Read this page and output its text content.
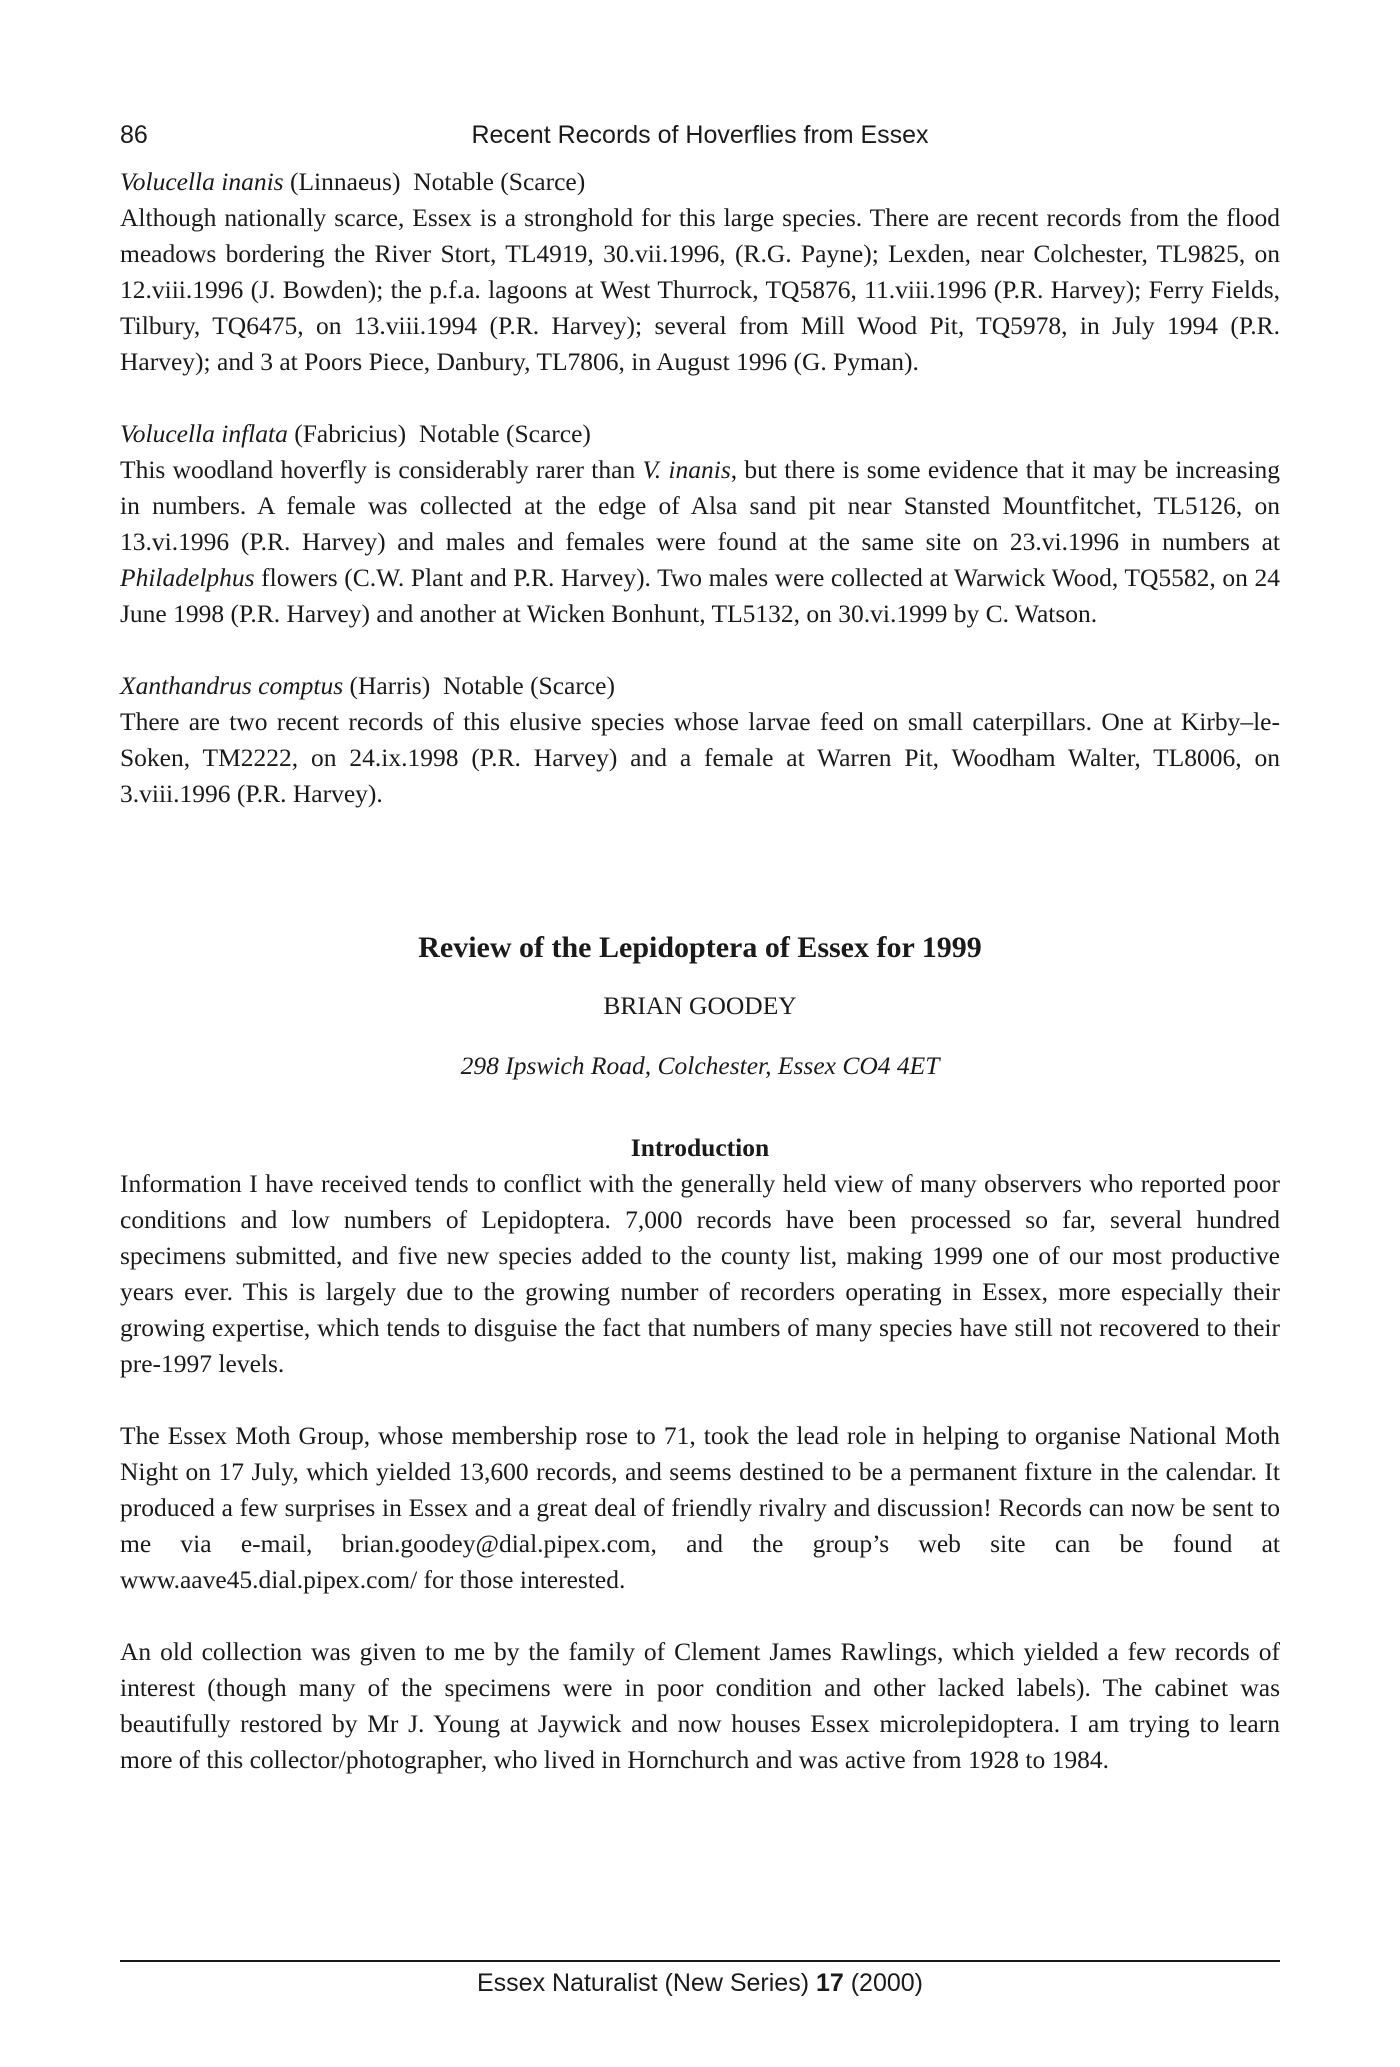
86	Recent Records of Hoverflies from Essex

Volucella inanis (Linnaeus) Notable (Scarce)

Although nationally scarce, Essex is a stronghold for this large species. There are recent records from the flood meadows bordering the River Stort, TL4919, 30.vii.1996, (R.G. Payne); Lexden, near Colchester, TL9825, on 12.viii.1996 (J. Bowden); the p.f.a. lagoons at West Thurrock, TQ5876, 11.viii.1996 (P.R. Harvey); Ferry Fields, Tilbury, TQ6475, on 13.viii.1994 (P.R. Harvey); several from Mill Wood Pit, TQ5978, in July 1994 (P.R. Harvey); and 3 at Poors Piece, Danbury, TL7806, in August 1996 (G. Pyman).

Volucella inflata (Fabricius) Notable (Scarce)

This woodland hoverfly is considerably rarer than V. inanis, but there is some evidence that it may be increasing in numbers. A female was collected at the edge of Alsa sand pit near Stansted Mountfitchet, TL5126, on 13.vi.1996 (P.R. Harvey) and males and females were found at the same site on 23.vi.1996 in numbers at Philadelphus flowers (C.W. Plant and P.R. Harvey). Two males were collected at Warwick Wood, TQ5582, on 24 June 1998 (P.R. Harvey) and another at Wicken Bonhunt, TL5132, on 30.vi.1999 by C. Watson.

Xanthandrus comptus (Harris) Notable (Scarce)

There are two recent records of this elusive species whose larvae feed on small caterpillars. One at Kirby–le-Soken, TM2222, on 24.ix.1998 (P.R. Harvey) and a female at Warren Pit, Woodham Walter, TL8006, on 3.viii.1996 (P.R. Harvey).

Review of the Lepidoptera of Essex for 1999

BRIAN GOODEY

298 Ipswich Road, Colchester, Essex CO4 4ET

Introduction

Information I have received tends to conflict with the generally held view of many observers who reported poor conditions and low numbers of Lepidoptera. 7,000 records have been processed so far, several hundred specimens submitted, and five new species added to the county list, making 1999 one of our most productive years ever. This is largely due to the growing number of recorders operating in Essex, more especially their growing expertise, which tends to disguise the fact that numbers of many species have still not recovered to their pre-1997 levels.

The Essex Moth Group, whose membership rose to 71, took the lead role in helping to organise National Moth Night on 17 July, which yielded 13,600 records, and seems destined to be a permanent fixture in the calendar. It produced a few surprises in Essex and a great deal of friendly rivalry and discussion! Records can now be sent to me via e-mail, brian.goodey@dial.pipex.com, and the group’s web site can be found at www.aave45.dial.pipex.com/ for those interested.

An old collection was given to me by the family of Clement James Rawlings, which yielded a few records of interest (though many of the specimens were in poor condition and other lacked labels). The cabinet was beautifully restored by Mr J. Young at Jaywick and now houses Essex microlepidoptera. I am trying to learn more of this collector/photographer, who lived in Hornchurch and was active from 1928 to 1984.

Essex Naturalist (New Series) 17 (2000)
